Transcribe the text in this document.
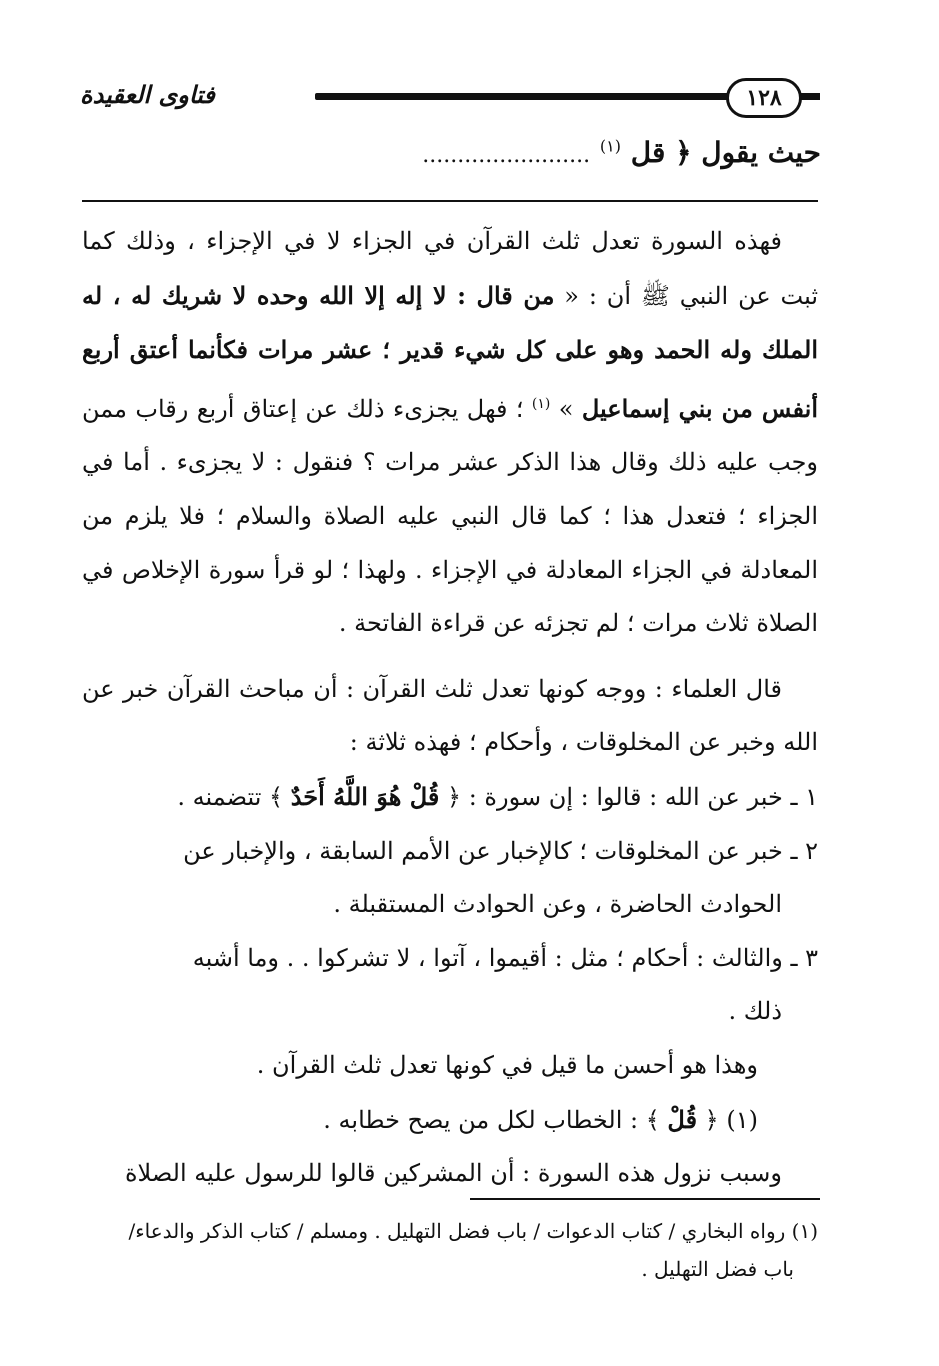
١٢٨
فتاوى العقيدة
حيث يقول ﴿ قل $^{(١)}$ ........................

فهذه السورة تعدل ثلث القرآن في الجزاء لا في الإجزاء ، وذلك كما ثبت عن النبي ﷺ أن : « من قال : لا إله إلا الله وحده لا شريك له ، له الملك وله الحمد وهو على كل شيء قدير ؛ عشر مرات فكأنما أعتق أربع أنفس من بني إسماعيل » $^{(١)}$ ؛ فهل يجزىء ذلك عن إعتاق أربع رقاب ممن وجب عليه ذلك وقال هذا الذكر عشر مرات ؟ فنقول : لا يجزىء . أما في الجزاء ؛ فتعدل هذا ؛ كما قال النبي عليه الصلاة والسلام ؛ فلا يلزم من المعادلة في الجزاء المعادلة في الإجزاء . ولهذا ؛ لو قرأ سورة الإخلاص في الصلاة ثلاث مرات ؛ لم تجزئه عن قراءة الفاتحة .

قال العلماء : ووجه كونها تعدل ثلث القرآن : أن مباحث القرآن خبر عن الله وخبر عن المخلوقات ، وأحكام ؛ فهذه ثلاثة :

١ ـ خبر عن الله : قالوا : إن سورة : ﴿ قُلْ هُوَ اللَّهُ أَحَدٌ ﴾ تتضمنه .

٢ ـ خبر عن المخلوقات ؛ كالإخبار عن الأمم السابقة ، والإخبار عن

الحوادث الحاضرة ، وعن الحوادث المستقبلة .

٣ ـ والثالث : أحكام ؛ مثل : أقيموا ، آتوا ، لا تشركوا . . وما أشبه

ذلك .

وهذا هو أحسن ما قيل في كونها تعدل ثلث القرآن .

(١) ﴿ قُلْ ﴾ : الخطاب لكل من يصح خطابه .

وسبب نزول هذه السورة : أن المشركين قالوا للرسول عليه الصلاة

(١) رواه البخاري / كتاب الدعوات / باب فضل التهليل . ومسلم / كتاب الذكر والدعاء/
باب فضل التهليل .
